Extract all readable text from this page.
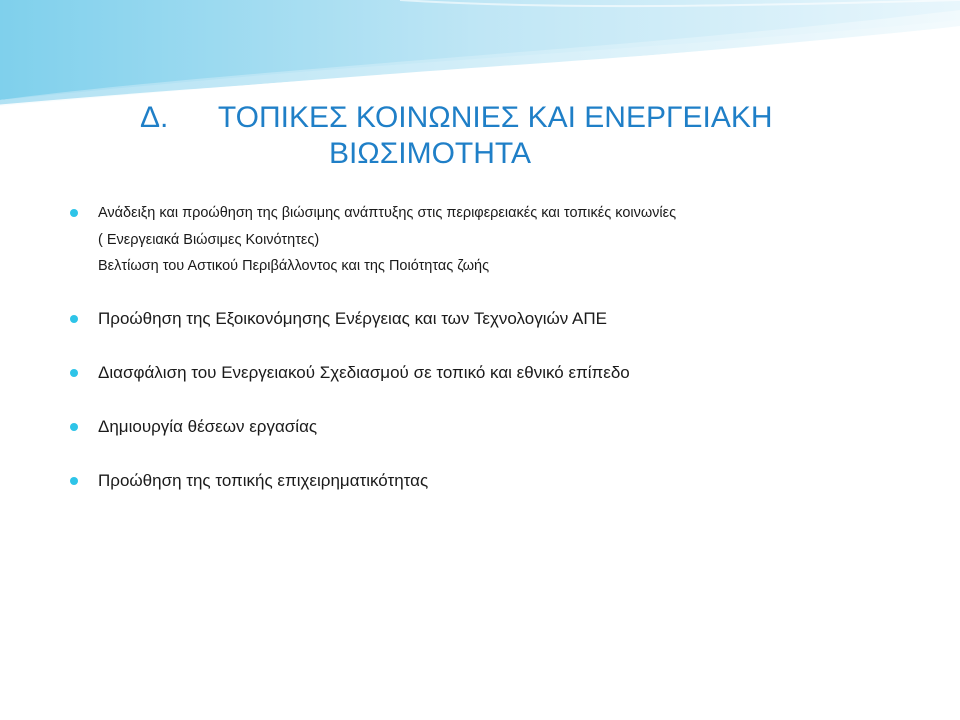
Δ. ΤΟΠΙΚΕΣ ΚΟΙΝΩΝΙΕΣ ΚΑΙ ΕΝΕΡΓΕΙΑΚΗ
ΒΙΩΣΙΜΟΤΗΤΑ
Ανάδειξη και προώθηση της βιώσιμης ανάπτυξης στις περιφερειακές και τοπικές κοινωνίες
( Ενεργειακά Βιώσιμες Κοινότητες)
Βελτίωση του Αστικού Περιβάλλοντος και της Ποιότητας ζωής
Προώθηση της Εξοικονόμησης Ενέργειας και των Τεχνολογιών ΑΠΕ
Διασφάλιση του Ενεργειακού Σχεδιασμού σε τοπικό και εθνικό επίπεδο
Δημιουργία θέσεων εργασίας
Προώθηση της τοπικής επιχειρηματικότητας
